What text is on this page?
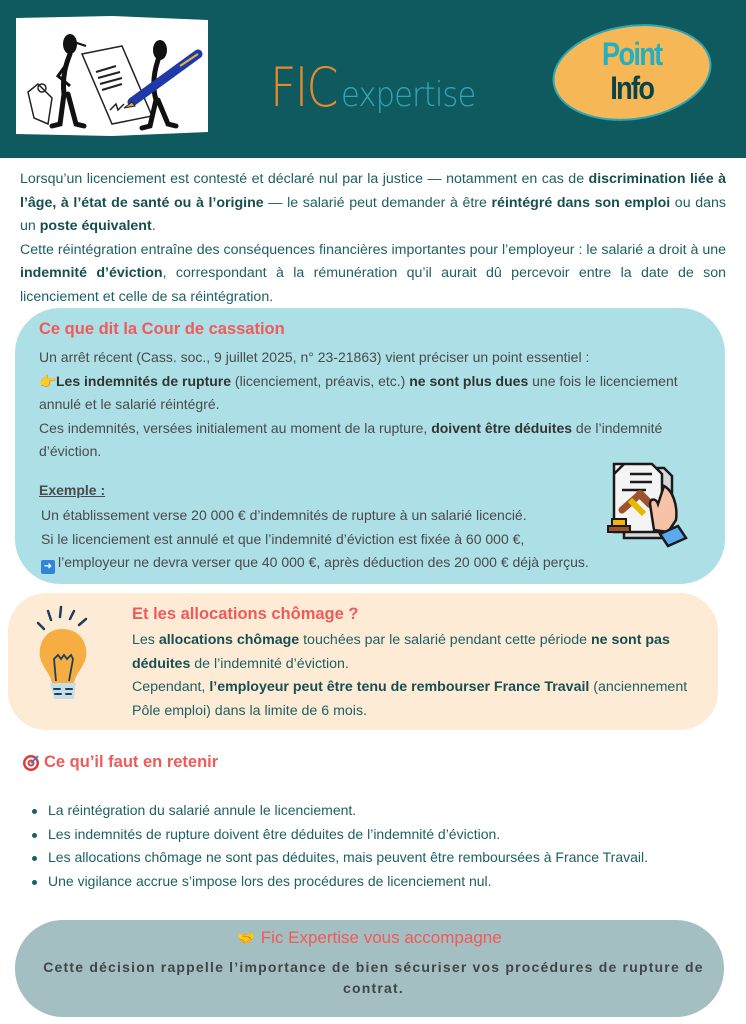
FIC expertise
Point
Info
Lorsqu’un licenciement est contesté et déclaré nul par la justice — notamment en cas de discrimination liée à l’âge, à l’état de santé ou à l’origine — le salarié peut demander à être réintégré dans son emploi ou dans un poste équivalent.
Cette réintégration entraîne des conséquences financières importantes pour l’employeur : le salarié a droit à une indemnité d’éviction, correspondant à la rémunération qu’il aurait dû percevoir entre la date de son licenciement et celle de sa réintégration.
Ce que dit la Cour de cassation
Un arrêt récent (Cass. soc., 9 juillet 2025, n° 23-21863) vient préciser un point essentiel :
👉Les indemnités de rupture (licenciement, préavis, etc.) ne sont plus dues une fois le licenciement annulé et le salarié réintégré.
Ces indemnités, versées initialement au moment de la rupture, doivent être déduites de l’indemnité d’éviction.
Exemple :
Un établissement verse 20 000 € d’indemnités de rupture à un salarié licencié.
Si le licenciement est annulé et que l’indemnité d’éviction est fixée à 60 000 €,
➜ l’employeur ne devra verser que 40 000 €, après déduction des 20 000 € déjà perçus.
Et les allocations chômage ?
Les allocations chômage touchées par le salarié pendant cette période ne sont pas déduites de l’indemnité d’éviction.
Cependant, l’employeur peut être tenu de rembourser France Travail (anciennement Pôle emploi) dans la limite de 6 mois.
Ce qu’il faut en retenir
La réintégration du salarié annule le licenciement.
Les indemnités de rupture doivent être déduites de l’indemnité d’éviction.
Les allocations chômage ne sont pas déduites, mais peuvent être remboursées à France Travail.
Une vigilance accrue s’impose lors des procédures de licenciement nul.
🤝 Fic Expertise vous accompagne
Cette décision rappelle l’importance de bien sécuriser vos procédures de rupture de contrat.
